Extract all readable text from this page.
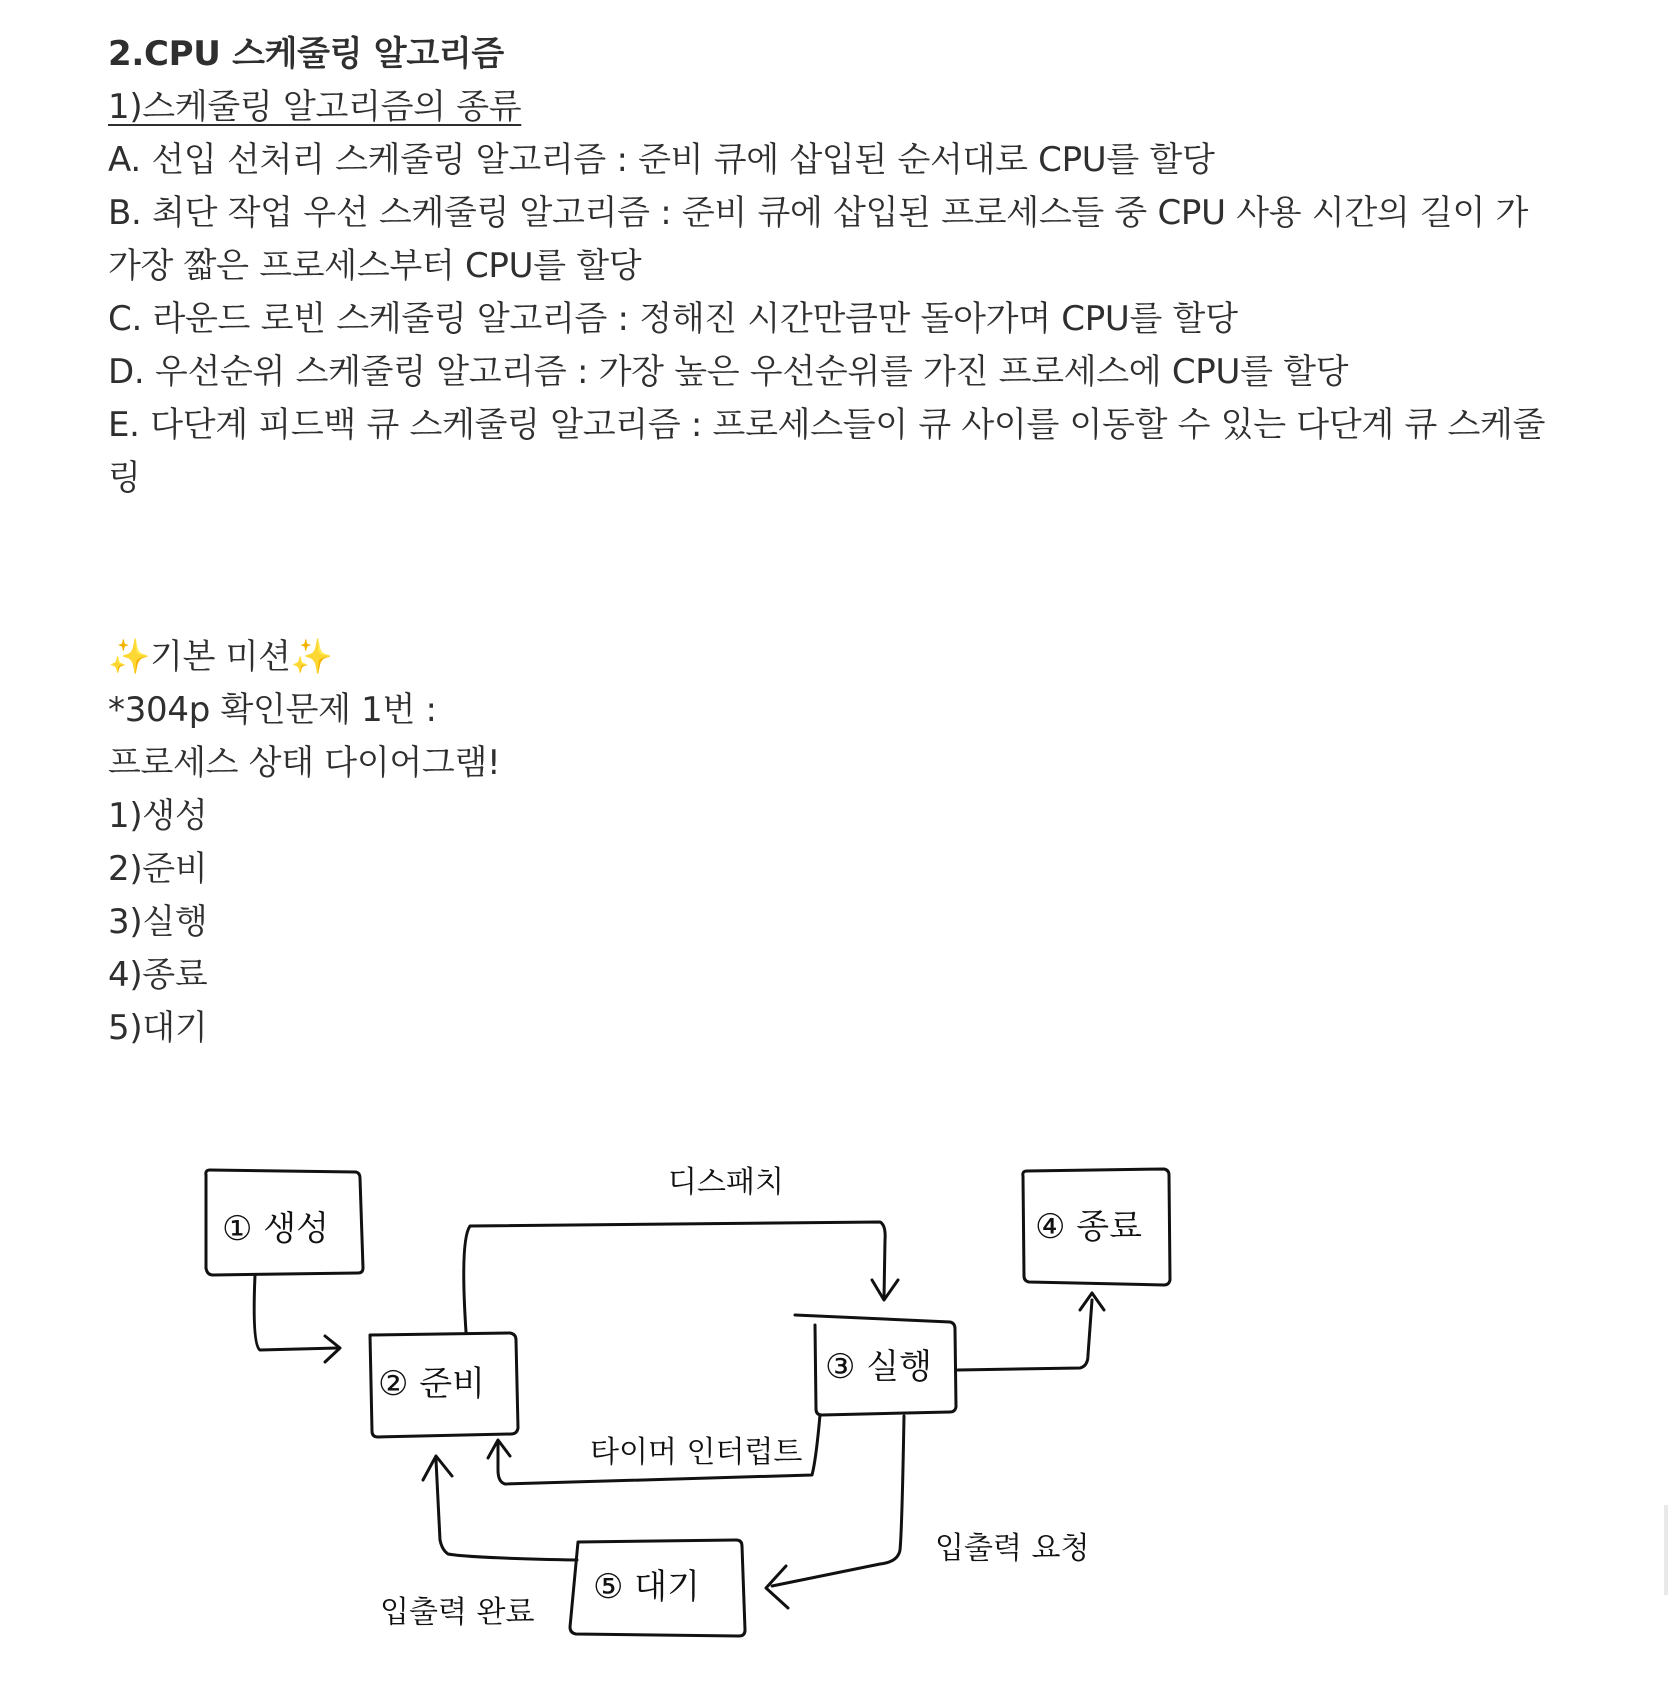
2.CPU 스케줄링 알고리즘
1)스케줄링 알고리즘의 종류
A. 선입 선처리 스케줄링 알고리즘 : 준비 큐에 삽입된 순서대로 CPU를 할당
B. 최단 작업 우선 스케줄링 알고리즘 : 준비 큐에 삽입된 프로세스들 중 CPU 사용 시간의 길이 가 가장 짧은 프로세스부터 CPU를 할당
C. 라운드 로빈 스케줄링 알고리즘 : 정해진 시간만큼만 돌아가며 CPU를 할당
D. 우선순위 스케줄링 알고리즘 : 가장 높은 우선순위를 가진 프로세스에 CPU를 할당
E. 다단계 피드백 큐 스케줄링 알고리즘 : 프로세스들이 큐 사이를 이동할 수 있는 다단계 큐 스케줄링
✨기본 미션✨
*304p 확인문제 1번 :
프로세스 상태 다이어그램!
1)생성
2)준비
3)실행
4)종료
5)대기
① 생성
② 준비	③ 실행
④ 종료
⑤ 대기
디스패치
타이머 인터럽트
입출력 요청
입출력 완료
